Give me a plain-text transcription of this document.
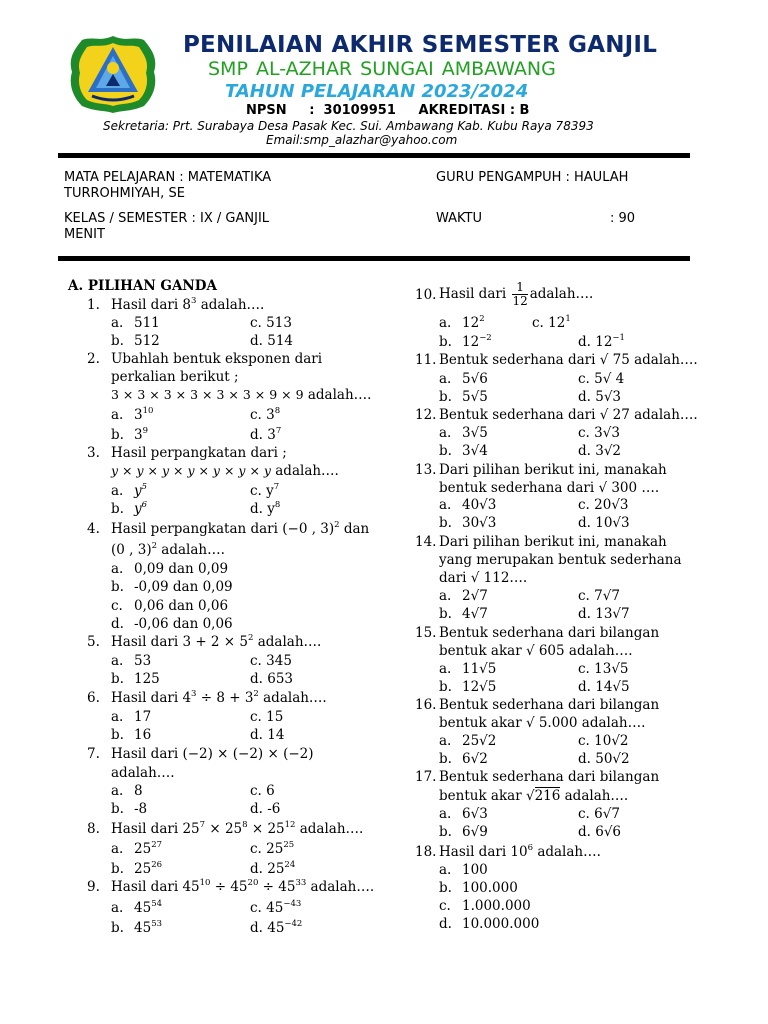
PENILAIAN AKHIR SEMESTER GANJIL
SMP AL-AZHAR SUNGAI AMBAWANG
TAHUN PELAJARAN 2023/2024
NPSN     :  30109951     AKREDITASI : B
Sekretaria: Prt. Surabaya Desa Pasak Kec. Sui. Ambawang Kab. Kubu Raya 78393
Email:smp_alazhar@yahoo.com
MATA PELAJARAN : MATEMATIKA
TURROHMIYAH, SE
GURU PENGAMPUH : HAULAH
KELAS / SEMESTER : IX / GANJIL
MENIT
WAKTU	: 90
A. PILIHAN GANDA
1. Hasil dari $8^3$ adalah….
a. 511	c. 513
b. 512	d. 514
2. Ubahlah bentuk eksponen dari
perkalian berikut ;
3 × 3 × 3 × 3 × 3 × 3 × 9 × 9 adalah….
a. $3^{10}$	c. $3^8$
b. $3^9$	d. $3^7$
3. Hasil perpangkatan dari ;
y × y × y × y × y × y × y adalah….
a. $y^5$	c. $y^7$
b. $y^6$	d. $y^8$
4. Hasil perpangkatan dari (−0 , 3)$^2$ dan
(0 , 3)$^2$ adalah….
a. 0,09 dan 0,09
b. -0,09 dan 0,09
c. 0,06 dan 0,06
d. -0,06 dan 0,06
5. Hasil dari $3 + 2 \times 5^2$ adalah….
a. 53	c. 345
b. 125	d. 653
6. Hasil dari $4^3 \div 8 + 3^2$ adalah….
a. 17	c. 15
b. 16	d. 14
7. Hasil dari (−2) × (−2) × (−2)
adalah….
a. 8	c. 6
b. -8	d. -6
8. Hasil dari $25^7 \times 25^8 \times 25^{12}$ adalah….
a. $25^{27}$	c. $25^{25}$
b. $25^{26}$	d. $25^{24}$
9. Hasil dari $45^{10} \div 45^{20} \div 45^{33}$ adalah….
a. $45^{54}$	c. $45^{-43}$
b. $45^{53}$	d. $45^{-42}$
10. Hasil dari $\frac{1}{12}$ adalah….
a. $12^2$	c. $12^1$
b. $12^{-2}$	d. $12^{-1}$
11. Bentuk sederhana dari √ 75 adalah….
a. 5√6	c. 5√ 4
b. 5√5	d. 5√3
12. Bentuk sederhana dari √ 27 adalah….
a. 3√5	c. 3√3
b. 3√4	d. 3√2
13. Dari pilihan berikut ini, manakah
bentuk sederhana dari √ 300 ….
a. 40√3	c. 20√3
b. 30√3	d. 10√3
14. Dari pilihan berikut ini, manakah
yang merupakan bentuk sederhana
dari √ 112….
a. 2√7	c. 7√7
b. 4√7	d. 13√7
15. Bentuk sederhana dari bilangan
bentuk akar √ 605 adalah….
a. 11√5	c. 13√5
b. 12√5	d. 14√5
16. Bentuk sederhana dari bilangan
bentuk akar √ 5.000 adalah….
a. 25√2	c. 10√2
b. 6√2	d. 50√2
17. Bentuk sederhana dari bilangan
bentuk akar √216 adalah….
a. 6√3	c. 6√7
b. 6√9	d. 6√6
18. Hasil dari $10^6$ adalah….
a. 100
b. 100.000
c. 1.000.000
d. 10.000.000
